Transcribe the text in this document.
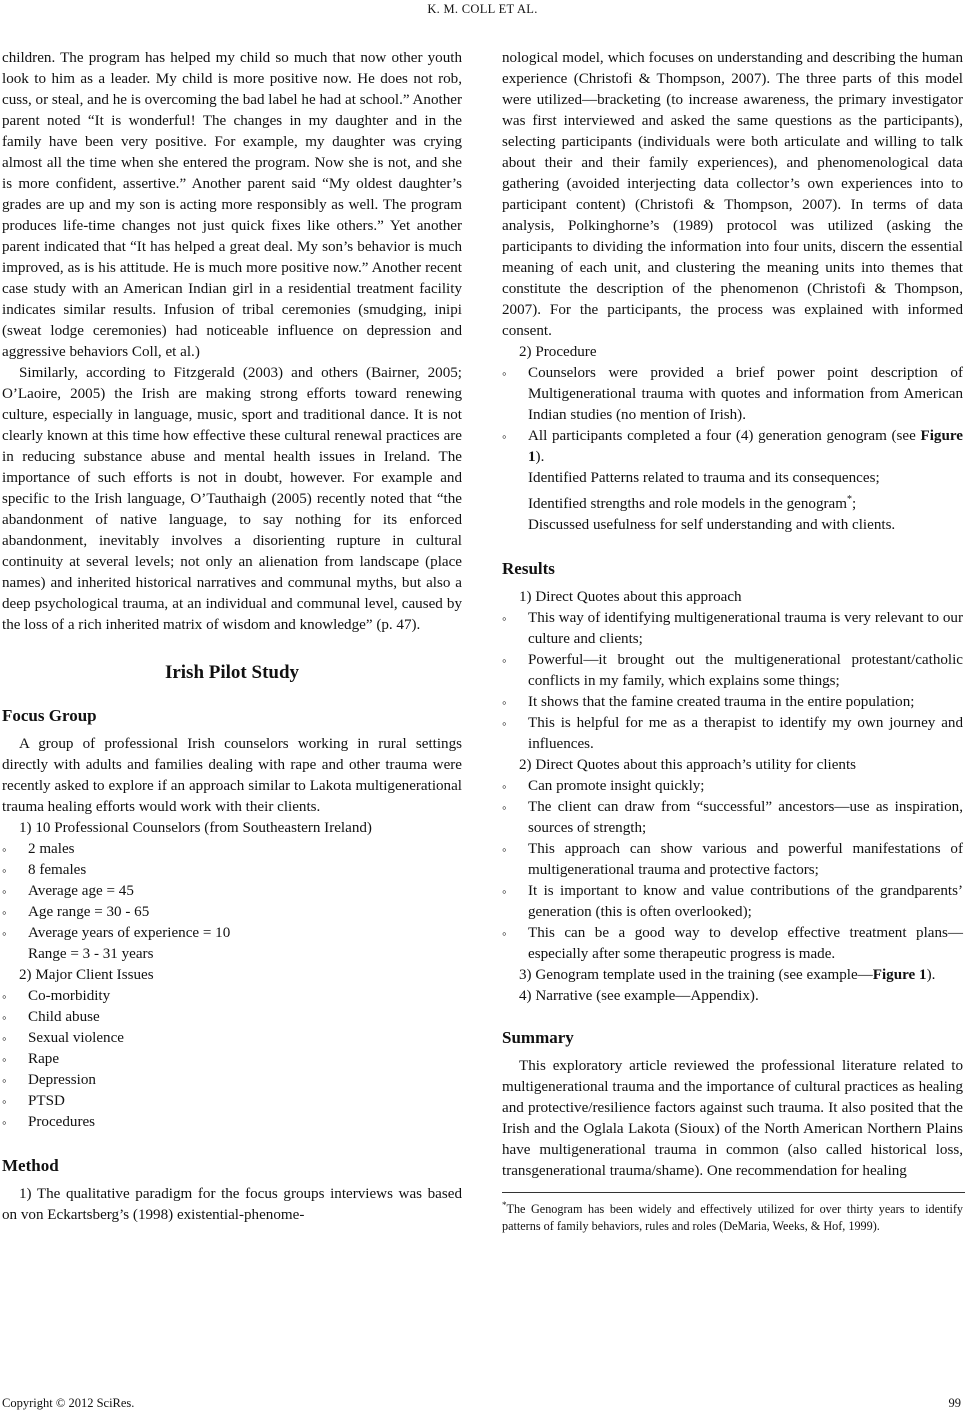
K. M. COLL ET AL.

children. The program has helped my child so much that now other youth look to him as a leader. My child is more positive now. He does not rob, cuss, or steal, and he is overcoming the bad label he had at school.” Another parent noted “It is wonderful! The changes in my daughter and in the family have been very positive. For example, my daughter was crying almost all the time when she entered the program. Now she is not, and she is more confident, assertive.” Another parent said “My oldest daughter’s grades are up and my son is acting more responsibly as well. The program produces life-time changes not just quick fixes like others.” Yet another parent indicated that “It has helped a great deal. My son’s behavior is much improved, as is his attitude. He is much more positive now.” Another recent case study with an American Indian girl in a residential treatment facility indicates similar results. Infusion of tribal ceremonies (smudging, inipi (sweat lodge ceremonies) had noticeable influence on depression and aggressive behaviors Coll, et al.)

Similarly, according to Fitzgerald (2003) and others (Bairner, 2005; O’Laoire, 2005) the Irish are making strong efforts toward renewing culture, especially in language, music, sport and traditional dance. It is not clearly known at this time how effective these cultural renewal practices are in reducing substance abuse and mental health issues in Ireland. The importance of such efforts is not in doubt, however. For example and specific to the Irish language, O’Tauthaigh (2005) recently noted that “the abandonment of native language, to say nothing for its enforced abandonment, inevitably involves a disorienting rupture in cultural continuity at several levels; not only an alienation from landscape (place names) and inherited historical narratives and communal myths, but also a deep psychological trauma, at an individual and communal level, caused by the loss of a rich inherited matrix of wisdom and knowledge” (p. 47).

Irish Pilot Study
Focus Group

A group of professional Irish counselors working in rural settings directly with adults and families dealing with rape and other trauma were recently asked to explore if an approach similar to Lakota multigenerational trauma healing efforts would work with their clients.

1) 10 Professional Counselors (from Southeastern Ireland)

◦ 2 males
◦ 8 females
◦ Average age = 45
◦ Age range = 30 - 65
◦ Average years of experience = 10
Range = 3 - 31 years

2) Major Client Issues

◦ Co-morbidity
◦ Child abuse
◦ Sexual violence
◦ Rape
◦ Depression
◦ PTSD
◦ Procedures
Method

1) The qualitative paradigm for the focus groups interviews was based on von Eckartsberg’s (1998) existential-phenome-

nological model, which focuses on understanding and describing the human experience (Christofi & Thompson, 2007). The three parts of this model were utilized—bracketing (to increase awareness, the primary investigator was first interviewed and asked the same questions as the participants), selecting participants (individuals were both articulate and willing to talk about their and their family experiences), and phenomenological data gathering (avoided interjecting data collector’s own experiences into to participant content) (Christofi & Thompson, 2007). In terms of data analysis, Polkinghorne’s (1989) protocol was utilized (asking the participants to dividing the information into four units, discern the essential meaning of each unit, and clustering the meaning units into themes that constitute the description of the phenomenon (Christofi & Thompson, 2007). For the participants, the process was explained with informed consent.

2) Procedure

◦ Counselors were provided a brief power point description of Multigenerational trauma with quotes and information from American Indian studies (no mention of Irish).
◦ All participants completed a four (4) generation genogram (see Figure 1).
Identified Patterns related to trauma and its consequences;
Identified strengths and role models in the genogram*;
Discussed usefulness for self understanding and with clients.
Results

1) Direct Quotes about this approach

◦ This way of identifying multigenerational trauma is very relevant to our culture and clients;
◦ Powerful—it brought out the multigenerational protestant/catholic conflicts in my family, which explains some things;
◦ It shows that the famine created trauma in the entire population;
◦ This is helpful for me as a therapist to identify my own journey and influences.

2) Direct Quotes about this approach’s utility for clients

◦ Can promote insight quickly;
◦ The client can draw from “successful” ancestors—use as inspiration, sources of strength;
◦ This approach can show various and powerful manifestations of multigenerational trauma and protective factors;
◦ It is important to know and value contributions of the grandparents’ generation (this is often overlooked);
◦ This can be a good way to develop effective treatment plans—especially after some therapeutic progress is made.

3) Genogram template used in the training (see example—Figure 1).

4) Narrative (see example—Appendix).

Summary

This exploratory article reviewed the professional literature related to multigenerational trauma and the importance of cultural practices as healing and protective/resilience factors against such trauma. It also posited that the Irish and the Oglala Lakota (Sioux) of the North American Northern Plains have multigenerational trauma in common (also called historical loss, transgenerational trauma/shame). One recommendation for healing

*The Genogram has been widely and effectively utilized for over thirty years to identify patterns of family behaviors, rules and roles (DeMaria, Weeks, & Hof, 1999).
Copyright © 2012 SciRes.	99
